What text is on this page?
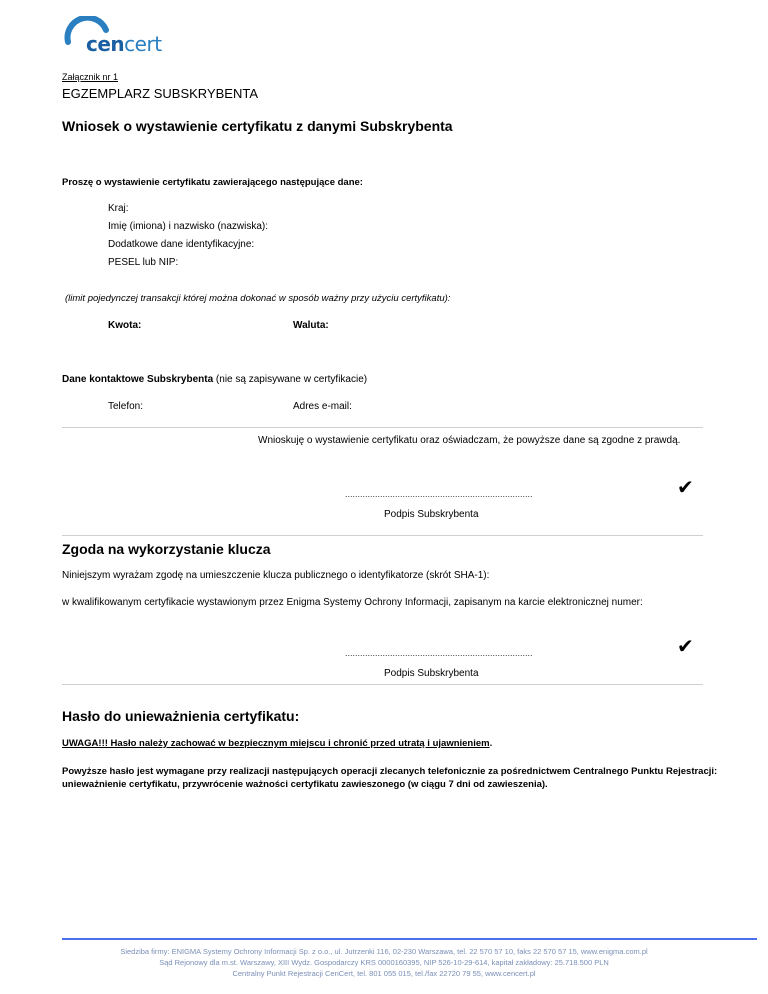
cencert
Załącznik nr 1
EGZEMPLARZ SUBSKRYBENTA
Wniosek o wystawienie certyfikatu z danymi Subskrybenta
Proszę o wystawienie certyfikatu zawierającego następujące dane:
Kraj:
Imię (imiona) i nazwisko (nazwiska):
Dodatkowe dane identyfikacyjne:
PESEL lub NIP:
(limit pojedynczej transakcji której można dokonać w sposób ważny przy użyciu certyfikatu):
Kwota:	Waluta:
Dane kontaktowe Subskrybenta (nie są zapisywane w certyfikacie)
Telefon:	Adres e-mail:
Wnioskuję o wystawienie certyfikatu oraz oświadczam, że powyższe dane są zgodne z prawdą.
...........................................................................	✔
Podpis Subskrybenta
Zgoda na wykorzystanie klucza
Niniejszym wyrażam zgodę na umieszczenie klucza publicznego o identyfikatorze (skrót SHA-1):
w kwalifikowanym certyfikacie wystawionym przez Enigma Systemy Ochrony Informacji, zapisanym na karcie elektronicznej numer:
...........................................................................	✔
Podpis Subskrybenta
Hasło do unieważnienia certyfikatu:
UWAGA!!! Hasło należy zachować w bezpiecznym miejscu i chronić przed utratą i ujawnieniem.
Powyższe hasło jest wymagane przy realizacji następujących operacji zlecanych telefonicznie za pośrednictwem Centralnego Punktu Rejestracji:
unieważnienie certyfikatu, przywrócenie ważności certyfikatu zawieszonego (w ciągu 7 dni od zawieszenia).
Siedziba firmy: ENIGMA Systemy Ochrony Informacji Sp. z o.o., ul. Jutrzenki 116, 02-230 Warszawa, tel. 22 570 57 10, faks 22 570 57 15, www.enigma.com.pl
Sąd Rejonowy dla m.st. Warszawy, XIII Wydz. Gospodarczy KRS 0000160395, NIP 526-10-29-614, kapitał zakładowy: 25.718.500 PLN
Centralny Punkt Rejestracji CenCert, tel. 801 055 015, tel./fax 22720 79 55, www.cencert.pl
